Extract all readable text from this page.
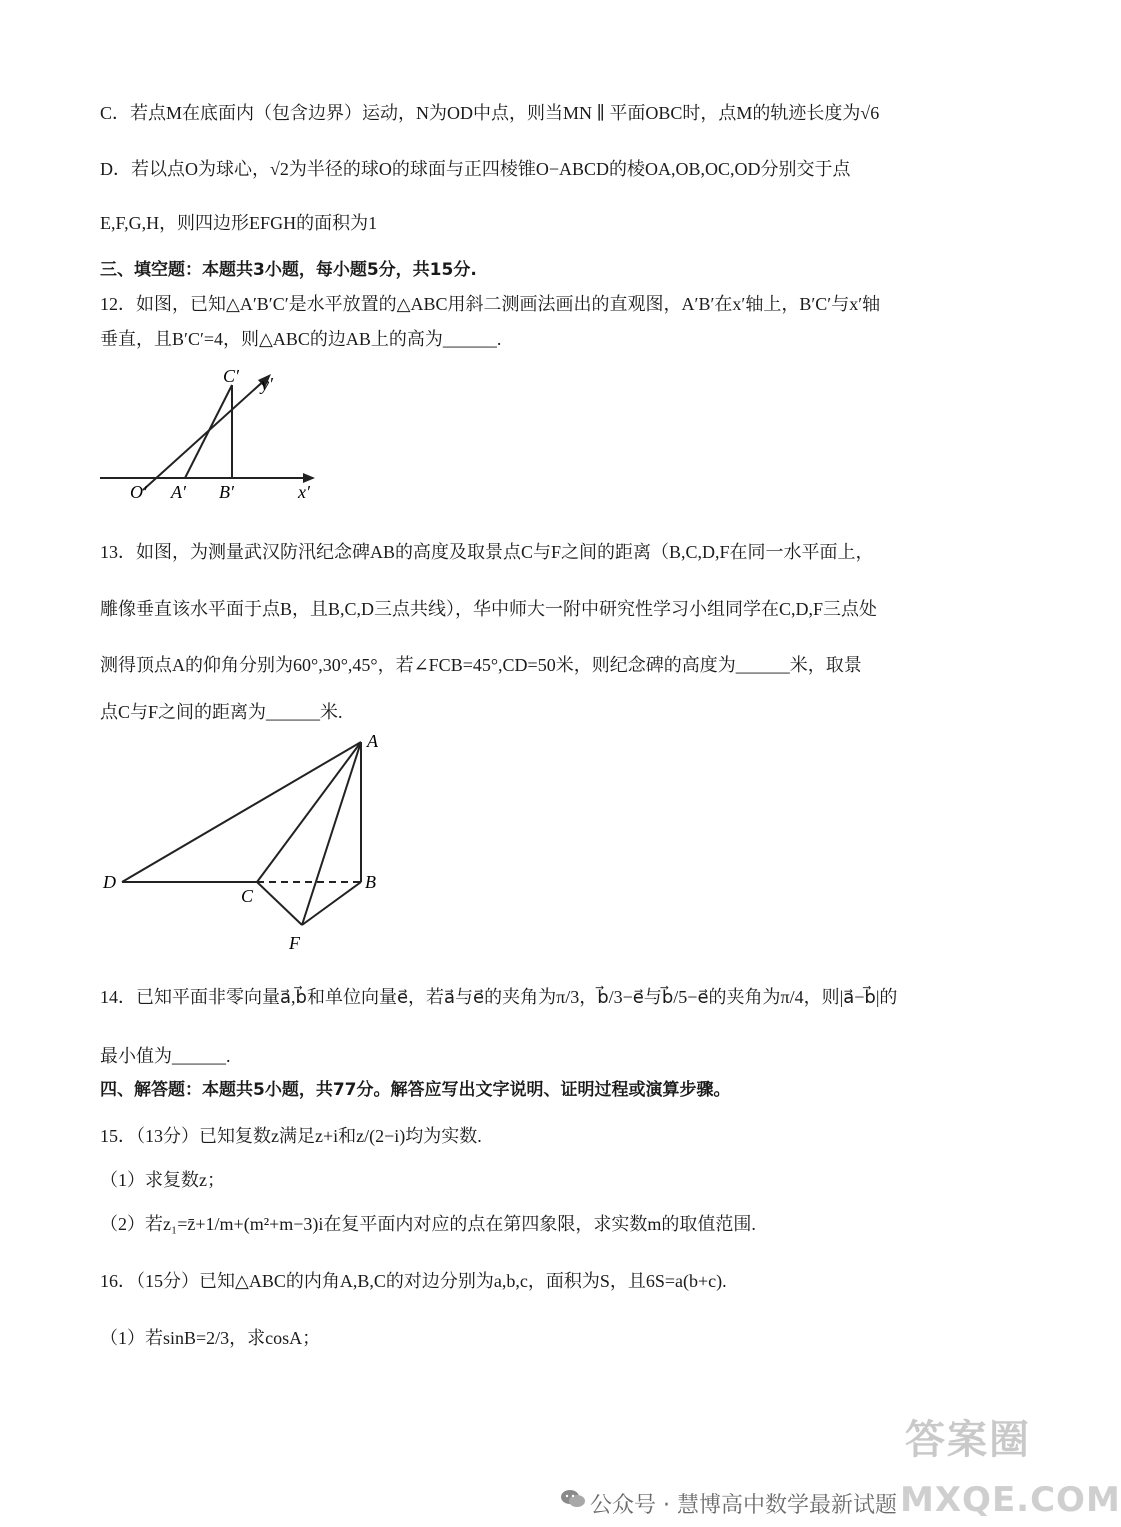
C．若点M在底面内（包含边界）运动，N为OD中点，则当MN ∥ 平面OBC时，点M的轨迹长度为√6
D．若以点O为球心，√2为半径的球O的球面与正四棱锥O−ABCD的棱OA,OB,OC,OD分别交于点
E,F,G,H，则四边形EFGH的面积为1
三、填空题：本题共3小题，每小题5分，共15分.
12．如图，已知△A′B′C′是水平放置的△ABC用斜二测画法画出的直观图，A′B′在x′轴上，B′C′与x′轴
垂直，且B′C′=4，则△ABC的边AB上的高为______.
C′ y′
O′ A′ B′	x′
13．如图，为测量武汉防汛纪念碑AB的高度及取景点C与F之间的距离（B,C,D,F在同一水平面上，
雕像垂直该水平面于点B，且B,C,D三点共线），华中师大一附中研究性学习小组同学在C,D,F三点处
测得顶点A的仰角分别为60°,30°,45°，若∠FCB=45°,CD=50米，则纪念碑的高度为______米，取景
点C与F之间的距离为______米.
A
D
C
B
F
14．已知平面非零向量a⃗,b⃗和单位向量e⃗，若a⃗与e⃗的夹角为π/3，b⃗/3−e⃗与b⃗/5−e⃗的夹角为π/4，则|a⃗−b⃗|的
最小值为______.
四、解答题：本题共5小题，共77分。解答应写出文字说明、证明过程或演算步骤。
15．（13分）已知复数z满足z+i和z/(2−i)均为实数.
（1）求复数z；
（2）若z₁=z̄+1/m+(m²+m−3)i在复平面内对应的点在第四象限，求实数m的取值范围.
16．（15分）已知△ABC的内角A,B,C的对边分别为a,b,c，面积为S，且6S=a(b+c).
（1）若sinB=2/3，求cosA；
公众号 · 慧博高中数学最新试题
答案圈
MXQE.COM
